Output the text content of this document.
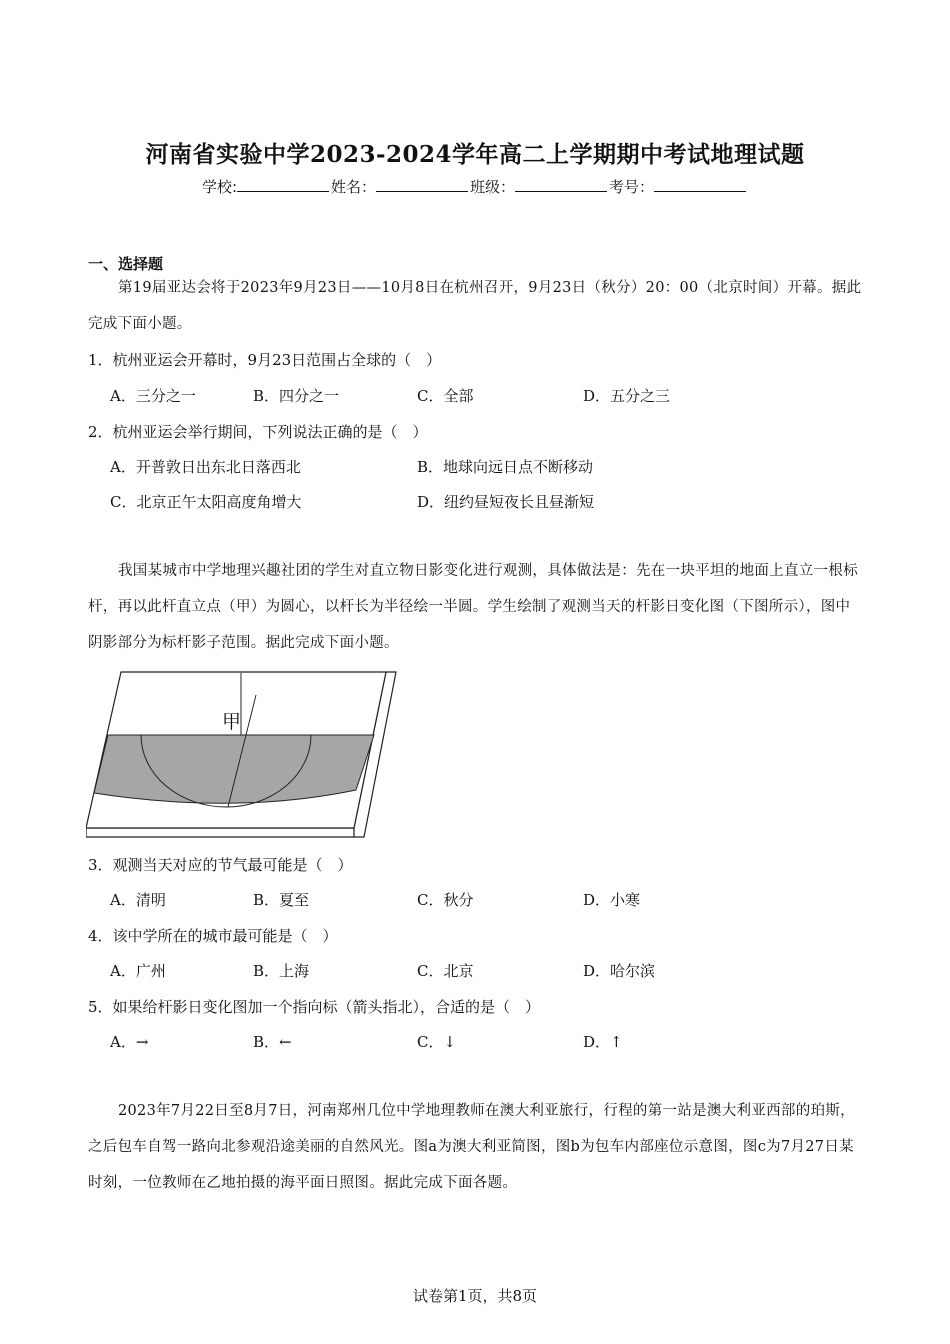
河南省实验中学2023-2024学年高二上学期期中考试地理试题
学校:	姓名：	班级：	考号：
一、选择题
第19届亚达会将于2023年9月23日——10月8日在杭州召开，9月23日（秋分）20：00（北京时间）开幕。据此完成下面小题。
1．杭州亚运会开幕时，9月23日范围占全球的（　）
A．三分之一	B．四分之一	C．全部	D．五分之三
2．杭州亚运会举行期间，下列说法正确的是（　）
A．开普敦日出东北日落西北	B．地球向远日点不断移动
C．北京正午太阳高度角增大	D．纽约昼短夜长且昼渐短
我国某城市中学地理兴趣社团的学生对直立物日影变化进行观测，具体做法是：先在一块平坦的地面上直立一根标杆，再以此杆直立点（甲）为圆心，以杆长为半径绘一半圆。学生绘制了观测当天的杆影日变化图（下图所示），图中阴影部分为标杆影子范围。据此完成下面小题。
甲
3．观测当天对应的节气最可能是（　）
A．清明	B．夏至	C．秋分	D．小寒
4．该中学所在的城市最可能是（　）
A．广州	B．上海	C．北京	D．哈尔滨
5．如果给杆影日变化图加一个指向标（箭头指北），合适的是（　）
A．→	B．←	C．↓	D．↑
2023年7月22日至8月7日，河南郑州几位中学地理教师在澳大利亚旅行，行程的第一站是澳大利亚西部的珀斯，之后包车自驾一路向北参观沿途美丽的自然风光。图a为澳大利亚简图，图b为包车内部座位示意图，图c为7月27日某时刻，一位教师在乙地拍摄的海平面日照图。据此完成下面各题。
试卷第1页，共8页
